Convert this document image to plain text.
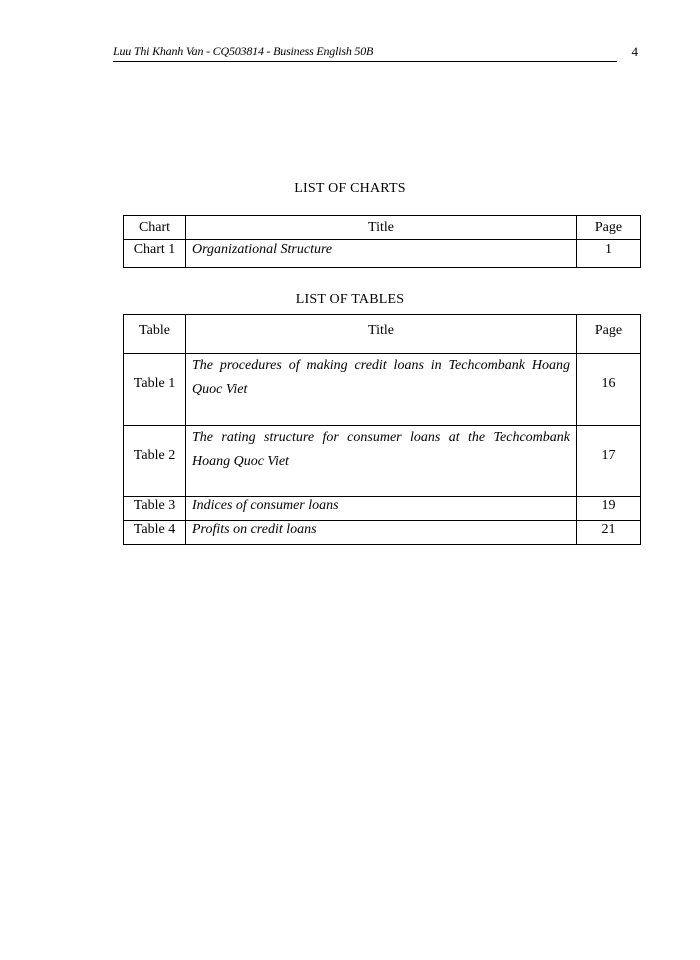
Luu Thi Khanh Van - CQ503814 - Business English 50B	4
LIST OF CHARTS
Chart	Title	Page
Chart 1	Organizational Structure	1
LIST OF TABLES
Table	Title	Page
Table 1	The procedures of making credit loans in Techcombank Hoang Quoc Viet	16
Table 2	The rating structure for consumer loans at the Techcombank Hoang Quoc Viet	17
Table 3	Indices of consumer loans	19
Table 4	Profits on credit loans	21
